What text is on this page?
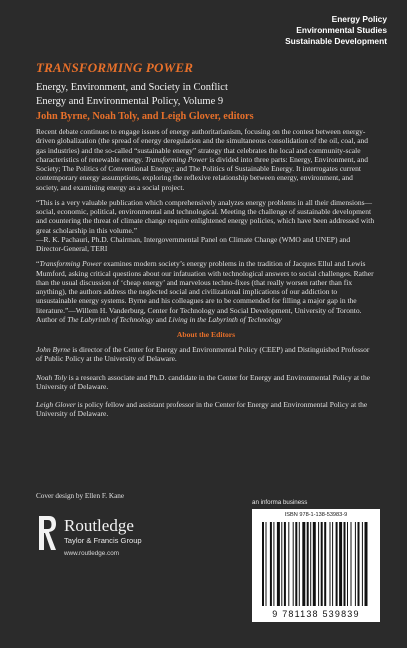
Energy Policy
Environmental Studies
Sustainable Development
TRANSFORMING POWER
Energy, Environment, and Society in Conflict
Energy and Environmental Policy, Volume 9
John Byrne, Noah Toly, and Leigh Glover, editors

Recent debate continues to engage issues of energy authoritarianism, focusing on the contest between energy-driven globalization (the spread of energy deregulation and the simultaneous consolidation of the oil, coal, and gas industries) and the so-called “sustainable energy” strategy that celebrates the local and community-scale characteristics of renewable energy. Transforming Power is divided into three parts: Energy, Environment, and Society; The Politics of Conventional Energy; and The Politics of Sustainable Energy. It interrogates current contemporary energy assumptions, exploring the reflexive relationship between energy, environment, and society, and examining energy as a social project.

“This is a very valuable publication which comprehensively analyzes energy problems in all their dimensions—social, economic, political, environmental and technological. Meeting the challenge of sustainable development and countering the threat of climate change require enlightened energy policies, which have been addressed with great scholarship in this volume.”
—R. K. Pachauri, Ph.D. Chairman, Intergovernmental Panel on Climate Change (WMO and UNEP) and Director-General, TERI

“Transforming Power examines modern society’s energy problems in the tradition of Jacques Ellul and Lewis Mumford, asking critical questions about our infatuation with technological answers to social challenges. Rather than the usual discussion of ‘cheap energy’ and marvelous techno-fixes (that really worsen rather than fix anything), the authors address the neglected social and civilizational implications of our addiction to unsustainable energy systems. Byrne and his colleagues are to be commended for filling a major gap in the literature.”—Willem H. Vanderburg, Center for Technology and Social Development, University of Toronto. Author of The Labyrinth of Technology and Living in the Labyrinth of Technology

About the Editors

John Byrne is director of the Center for Energy and Environmental Policy (CEEP) and Distinguished Professor of Public Policy at the University of Delaware.

Noah Toly is a research associate and Ph.D. candidate in the Center for Energy and Environmental Policy at the University of Delaware.

Leigh Glover is policy fellow and assistant professor in the Center for Energy and Environmental Policy at the University of Delaware.

Cover design by Ellen F. Kane
Routledge
Taylor & Francis Group
www.routledge.com
an informa business
ISBN 978-1-138-53983-9
9 781138 539839
